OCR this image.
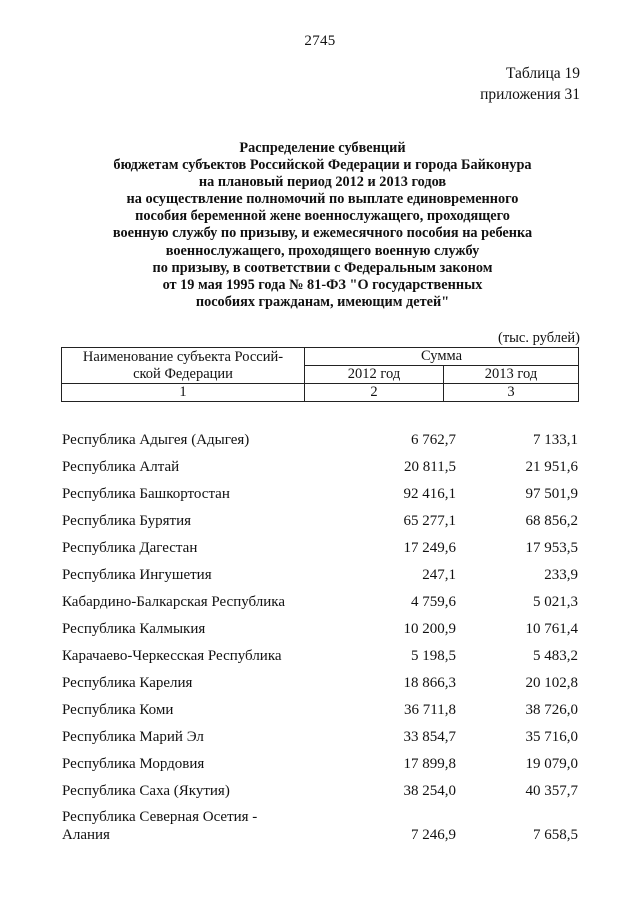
2745
Таблица 19
приложения 31
Распределение субвенций
бюджетам субъектов Российской Федерации и города Байконура
на плановый период 2012 и 2013 годов
на осуществление полномочий по выплате единовременного
пособия беременной жене военнослужащего, проходящего
военную службу по призыву, и ежемесячного пособия на ребенка
военнослужащего, проходящего военную службу
по призыву, в соответствии с Федеральным законом
от 19 мая 1995 года № 81-ФЗ "О государственных
пособиях гражданам, имеющим детей"
(тыс. рублей)
Наименование субъекта Россий-
ской Федерации	Сумма	
	2012 год	2013 год
1	2	3
Республика Адыгея (Адыгея)	6 762,7	7 133,1
Республика Алтай	20 811,5	21 951,6
Республика Башкортостан	92 416,1	97 501,9
Республика Бурятия	65 277,1	68 856,2
Республика Дагестан	17 249,6	17 953,5
Республика Ингушетия	247,1	233,9
Кабардино-Балкарская Республика	4 759,6	5 021,3
Республика Калмыкия	10 200,9	10 761,4
Карачаево-Черкесская Республика	5 198,5	5 483,2
Республика Карелия	18 866,3	20 102,8
Республика Коми	36 711,8	38 726,0
Республика Марий Эл	33 854,7	35 716,0
Республика Мордовия	17 899,8	19 079,0
Республика Саха (Якутия)	38 254,0	40 357,7
Республика Северная Осетия -
Алания	7 246,9	7 658,5
